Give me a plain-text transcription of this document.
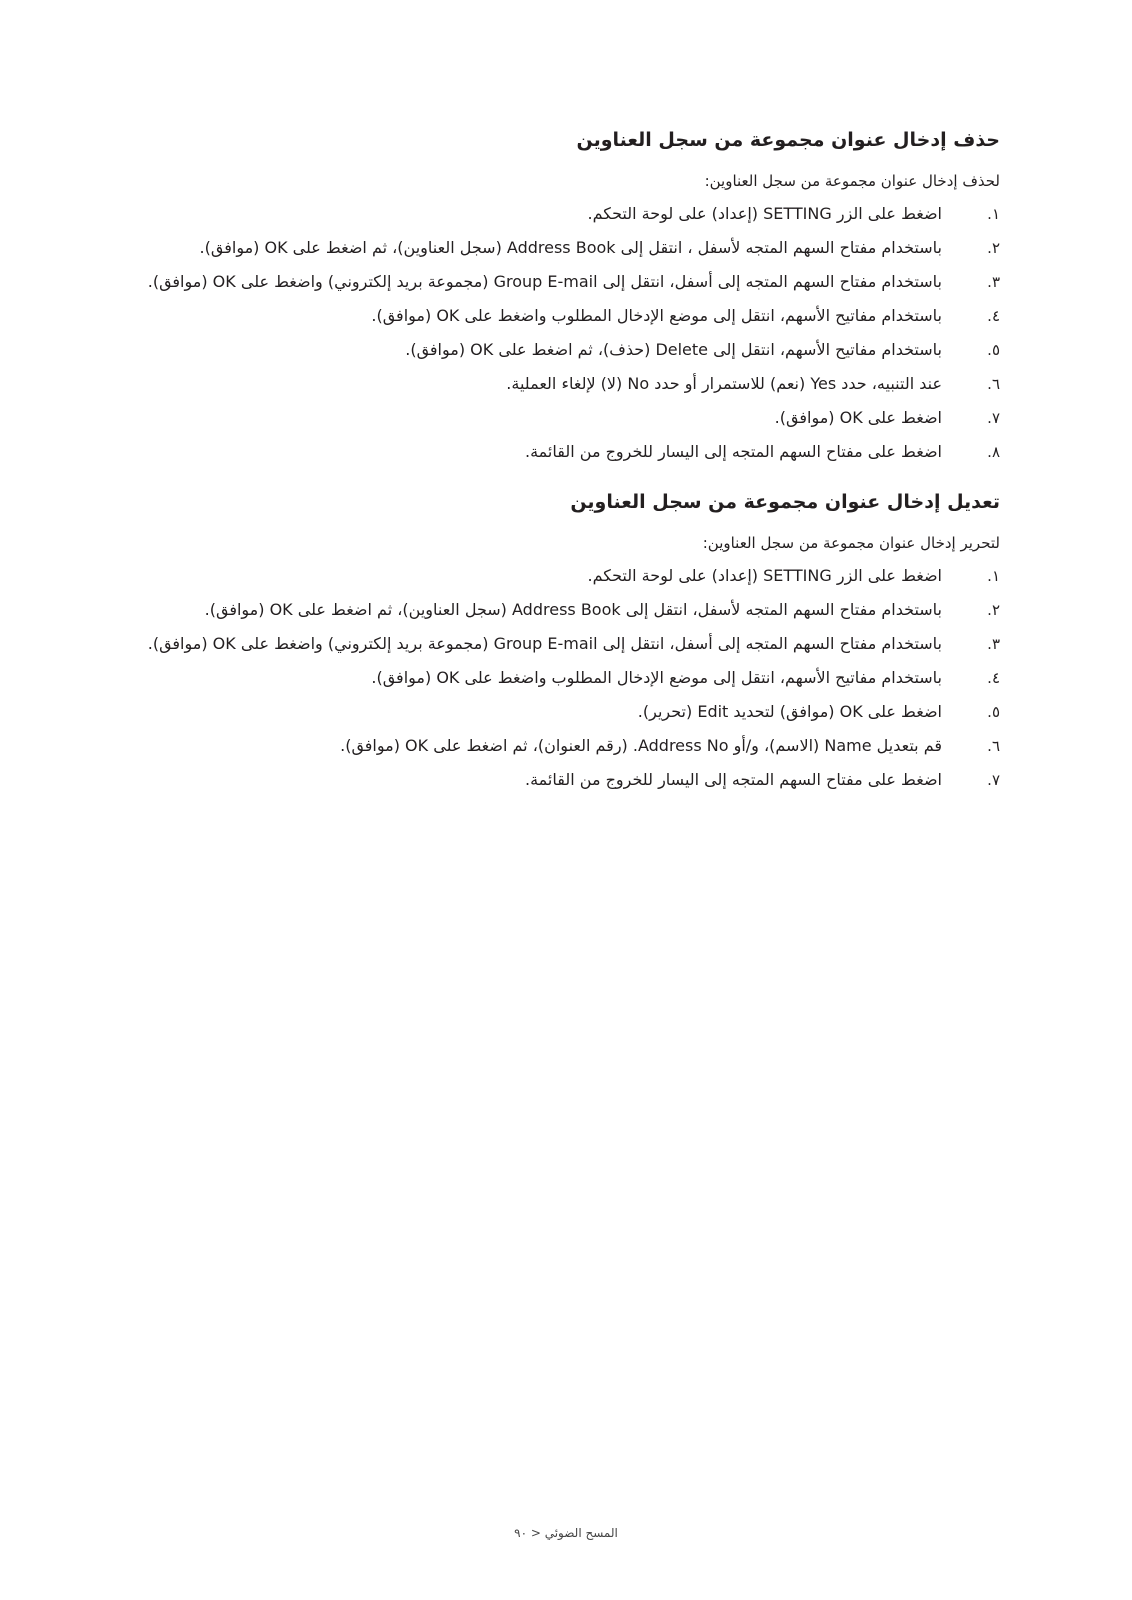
حذف إدخال عنوان مجموعة من سجل العناوين

لحذف إدخال عنوان مجموعة من سجل العناوين:

١.
اضغط على الزر SETTING (إعداد) على لوحة التحكم.
٢.
باستخدام مفتاح السهم المتجه لأسفل ، انتقل إلى Address Book (سجل العناوين)، ثم اضغط على OK (موافق).
٣.
باستخدام مفتاح السهم المتجه إلى أسفل، انتقل إلى Group E-mail (مجموعة بريد إلكتروني) واضغط على OK (موافق).
٤.
باستخدام مفاتيح الأسهم، انتقل إلى موضع الإدخال المطلوب واضغط على OK (موافق).
٥.
باستخدام مفاتيح الأسهم، انتقل إلى Delete (حذف)، ثم اضغط على OK (موافق).
٦.
عند التنبيه، حدد Yes (نعم) للاستمرار أو حدد No (لا) لإلغاء العملية.
٧.
اضغط على OK (موافق).
٨.
اضغط على مفتاح السهم المتجه إلى اليسار للخروج من القائمة.
تعديل إدخال عنوان مجموعة من سجل العناوين

لتحرير إدخال عنوان مجموعة من سجل العناوين:

١.
اضغط على الزر SETTING (إعداد) على لوحة التحكم.
٢.
باستخدام مفتاح السهم المتجه لأسفل، انتقل إلى Address Book (سجل العناوين)، ثم اضغط على OK (موافق).
٣.
باستخدام مفتاح السهم المتجه إلى أسفل، انتقل إلى Group E-mail (مجموعة بريد إلكتروني) واضغط على OK (موافق).
٤.
باستخدام مفاتيح الأسهم، انتقل إلى موضع الإدخال المطلوب واضغط على OK (موافق).
٥.
اضغط على OK (موافق) لتحديد Edit (تحرير).
٦.
قم بتعديل Name (الاسم)، و/أو Address No. (رقم العنوان)، ثم اضغط على OK (موافق).
٧.
اضغط على مفتاح السهم المتجه إلى اليسار للخروج من القائمة.
المسح الضوئي < ٩٠
